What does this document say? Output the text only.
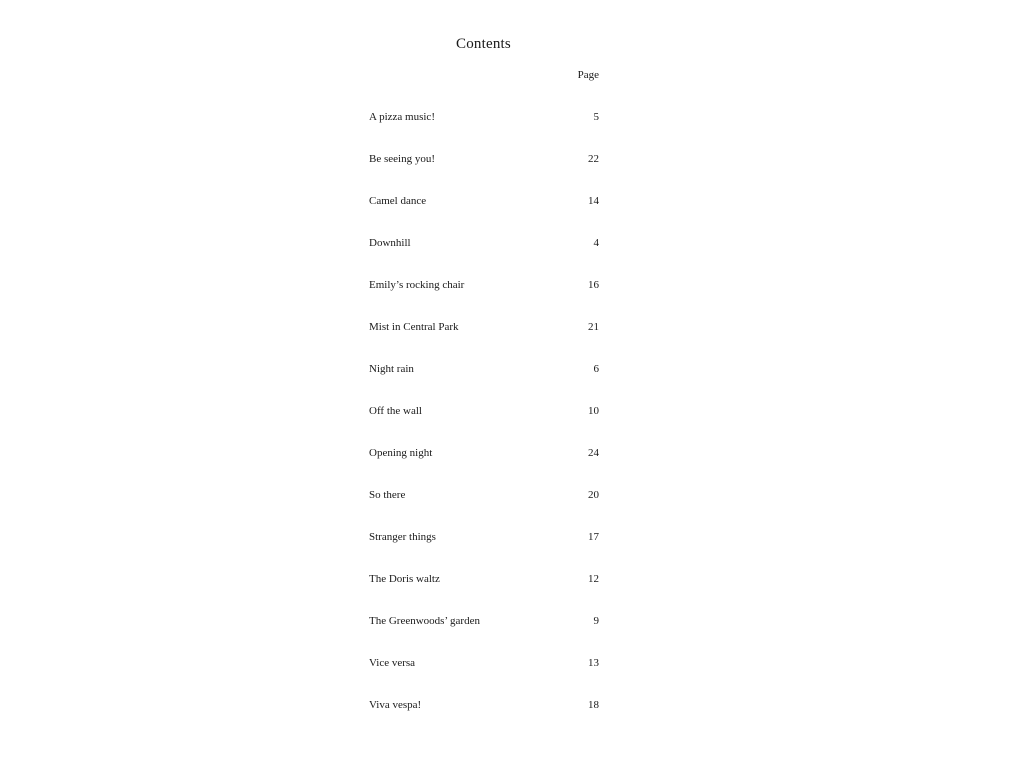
Contents
Page
A pizza music!	5
Be seeing you!	22
Camel dance	14
Downhill	4
Emily’s rocking chair	16
Mist in Central Park	21
Night rain	6
Off the wall	10
Opening night	24
So there	20
Stranger things	17
The Doris waltz	12
The Greenwoods’ garden	9
Vice versa	13
Viva vespa!	18
